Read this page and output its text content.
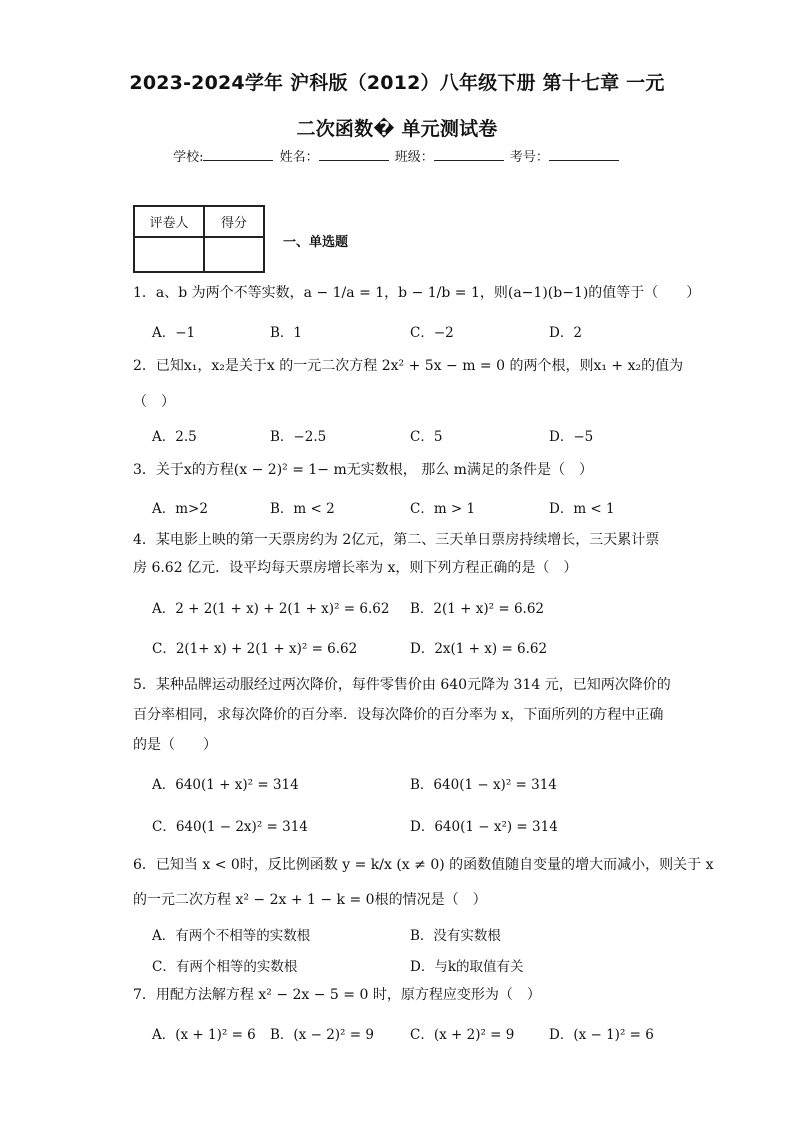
2023-2024学年 沪科版（2012）八年级下册 第十七章 一元
二次函数� 单元测试卷
学校:	姓名：	班级：	考号：
评卷人	得分

一、单选题
1．a、b 为两个不等实数，a − 1/a = 1，b − 1/b = 1，则(a−1)(b−1)的值等于（　　）
A．−1	B．1	C．−2	D．2
2．已知x₁，x₂是关于x 的一元二次方程 2x² + 5x − m = 0 的两个根，则x₁ + x₂的值为
（　）
A．2.5	B．−2.5	C．5	D．−5
3．关于x的方程(x − 2)² = 1− m无实数根， 那么 m满足的条件是（　）
A．m>2	B．m < 2	C．m > 1	D．m < 1
4．某电影上映的第一天票房约为 2亿元，第二、三天单日票房持续增长，三天累计票
房 6.62 亿元．设平均每天票房增长率为 x，则下列方程正确的是（　）
A．2 + 2(1 + x) + 2(1 + x)² = 6.62 B．2(1 + x)² = 6.62
C．2(1+ x) + 2(1 + x)² = 6.62	D．2x(1 + x) = 6.62
5．某种品牌运动服经过两次降价，每件零售价由 640元降为 314 元，已知两次降价的
百分率相同，求每次降价的百分率．设每次降价的百分率为 x，下面所列的方程中正确
的是（　　）
A．640(1 + x)² = 314	B．640(1 − x)² = 314
C．640(1 − 2x)² = 314	D．640(1 − x²) = 314
6．已知当 x < 0时，反比例函数 y = k/x (x ≠ 0) 的函数值随自变量的增大而减小，则关于 x
的一元二次方程 x² − 2x + 1 − k = 0根的情况是（　）
A．有两个不相等的实数根	B．没有实数根
C．有两个相等的实数根	D．与k的取值有关
7．用配方法解方程 x² − 2x − 5 = 0 时，原方程应变形为（　）
A．(x + 1)² = 6 B．(x − 2)² = 9	C．(x + 2)² = 9	D．(x − 1)² = 6
